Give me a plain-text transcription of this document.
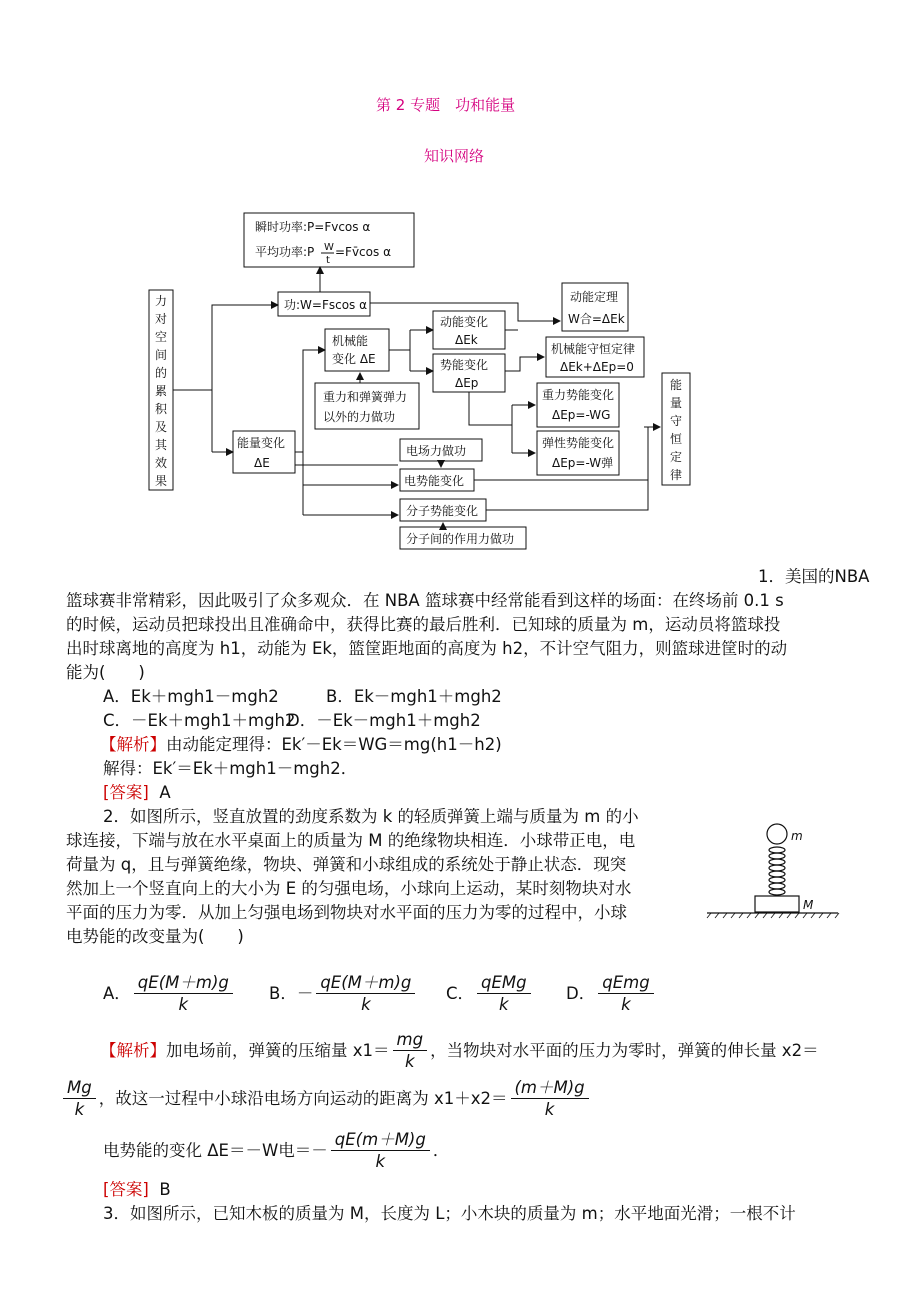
第 2 专题　功和能量
知识网络
力
对
空
间
的
累
积
及
其
效
果
瞬时功率:P=Fvcos α
平均功率: P W
t
=Fv̄cos α
功:W=Fscos α
动能变化
ΔEk
势能变化
ΔEp
机械能
变化 ΔE
重力和弹簧弹力
以外的力做功
能量变化
ΔE
动能定理
W合=ΔEk
机械能守恒定律
ΔEk+ΔEp=0
重力势能变化
ΔEp=-WG
弹性势能变化
ΔEp=-W弹
电场力做功
电势能变化
分子势能变化
分子间的作用力做功
能
量
守
恒
定
律
1．美国的NBA
篮球赛非常精彩，因此吸引了众多观众．在 NBA 篮球赛中经常能看到这样的场面：在终场前 0.1 s
的时候，运动员把球投出且准确命中，获得比赛的最后胜利．已知球的质量为 m，运动员将篮球投
出时球离地的高度为 h1，动能为 Ek，篮筐距地面的高度为 h2，不计空气阻力，则篮球进筐时的动
能为(　　)
A．Ek＋mgh1－mgh2	B．Ek－mgh1＋mgh2
C．－Ek＋mgh1＋mgh2
D．－Ek－mgh1＋mgh2
【解析】由动能定理得：Ek′－Ek＝WG＝mg(h1－h2)
解得：Ek′＝Ek＋mgh1－mgh2．
[答案] A
2．如图所示，竖直放置的劲度系数为 k 的轻质弹簧上端与质量为 m 的小
球连接，下端与放在水平桌面上的质量为 M 的绝缘物块相连．小球带正电，电
荷量为 q，且与弹簧绝缘，物块、弹簧和小球组成的系统处于静止状态．现突
然加上一个竖直向上的大小为 E 的匀强电场，小球向上运动，某时刻物块对水
平面的压力为零．从加上匀强电场到物块对水平面的压力为零的过程中，小球
电势能的改变量为(　　)
m
M
A． $\frac{qE(M+m)g}{k}$ B．－ $\frac{qE(M+m)g}{k}$ C． $\frac{\text{qEMg}}{k}$ D． $\frac{\text{qEmg}}{k}$
【解析】加电场前，弹簧的压缩量 $x1= \frac{mg}{k}$ ，当物块对水平面的压力为零时，弹簧的伸长量 x2＝
$\frac{Mg}{k}$ ，故这一过程中小球沿电场方向运动的距离为 $x1+x2= \frac{(m+M)g}{k}$
电势能的变化 ΔE＝－W电＝－ $\frac{qE(m+M)g}{k}$ ．
[答案] B
3．如图所示，已知木板的质量为 M，长度为 L；小木块的质量为 m；水平地面光滑；一根不计
